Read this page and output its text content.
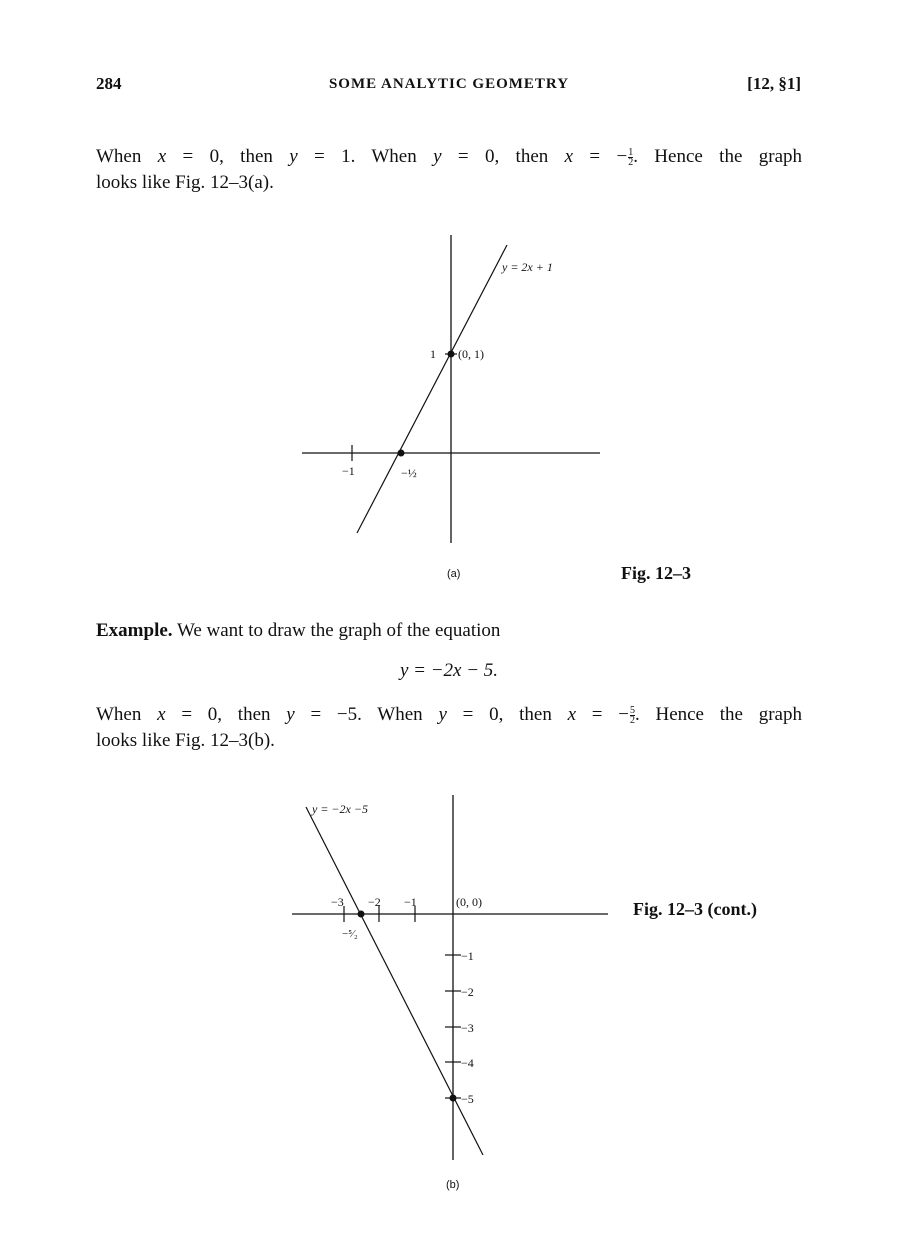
284	SOME ANALYTIC GEOMETRY	[12, §1]
When x = 0, then y = 1. When y = 0, then x = − $\frac{1}{2}$ . Hence the graph
looks like Fig. 12–3(a).
y = 2x + 1
(0, 1)
1
−1	−½
(a)	Fig. 12–3
Example. We want to draw the graph of the equation
y = −2x − 5.
When x = 0, then y = −5. When y = 0, then x = − $\frac{5}{2}$ . Hence the graph
looks like Fig. 12–3(b).
y = −2x −5
(0, 0)
−3 −2 −1
−⁵⁄₂
−1
−2
−3
−4
−5
Fig. 12–3 (cont.)
(b)
